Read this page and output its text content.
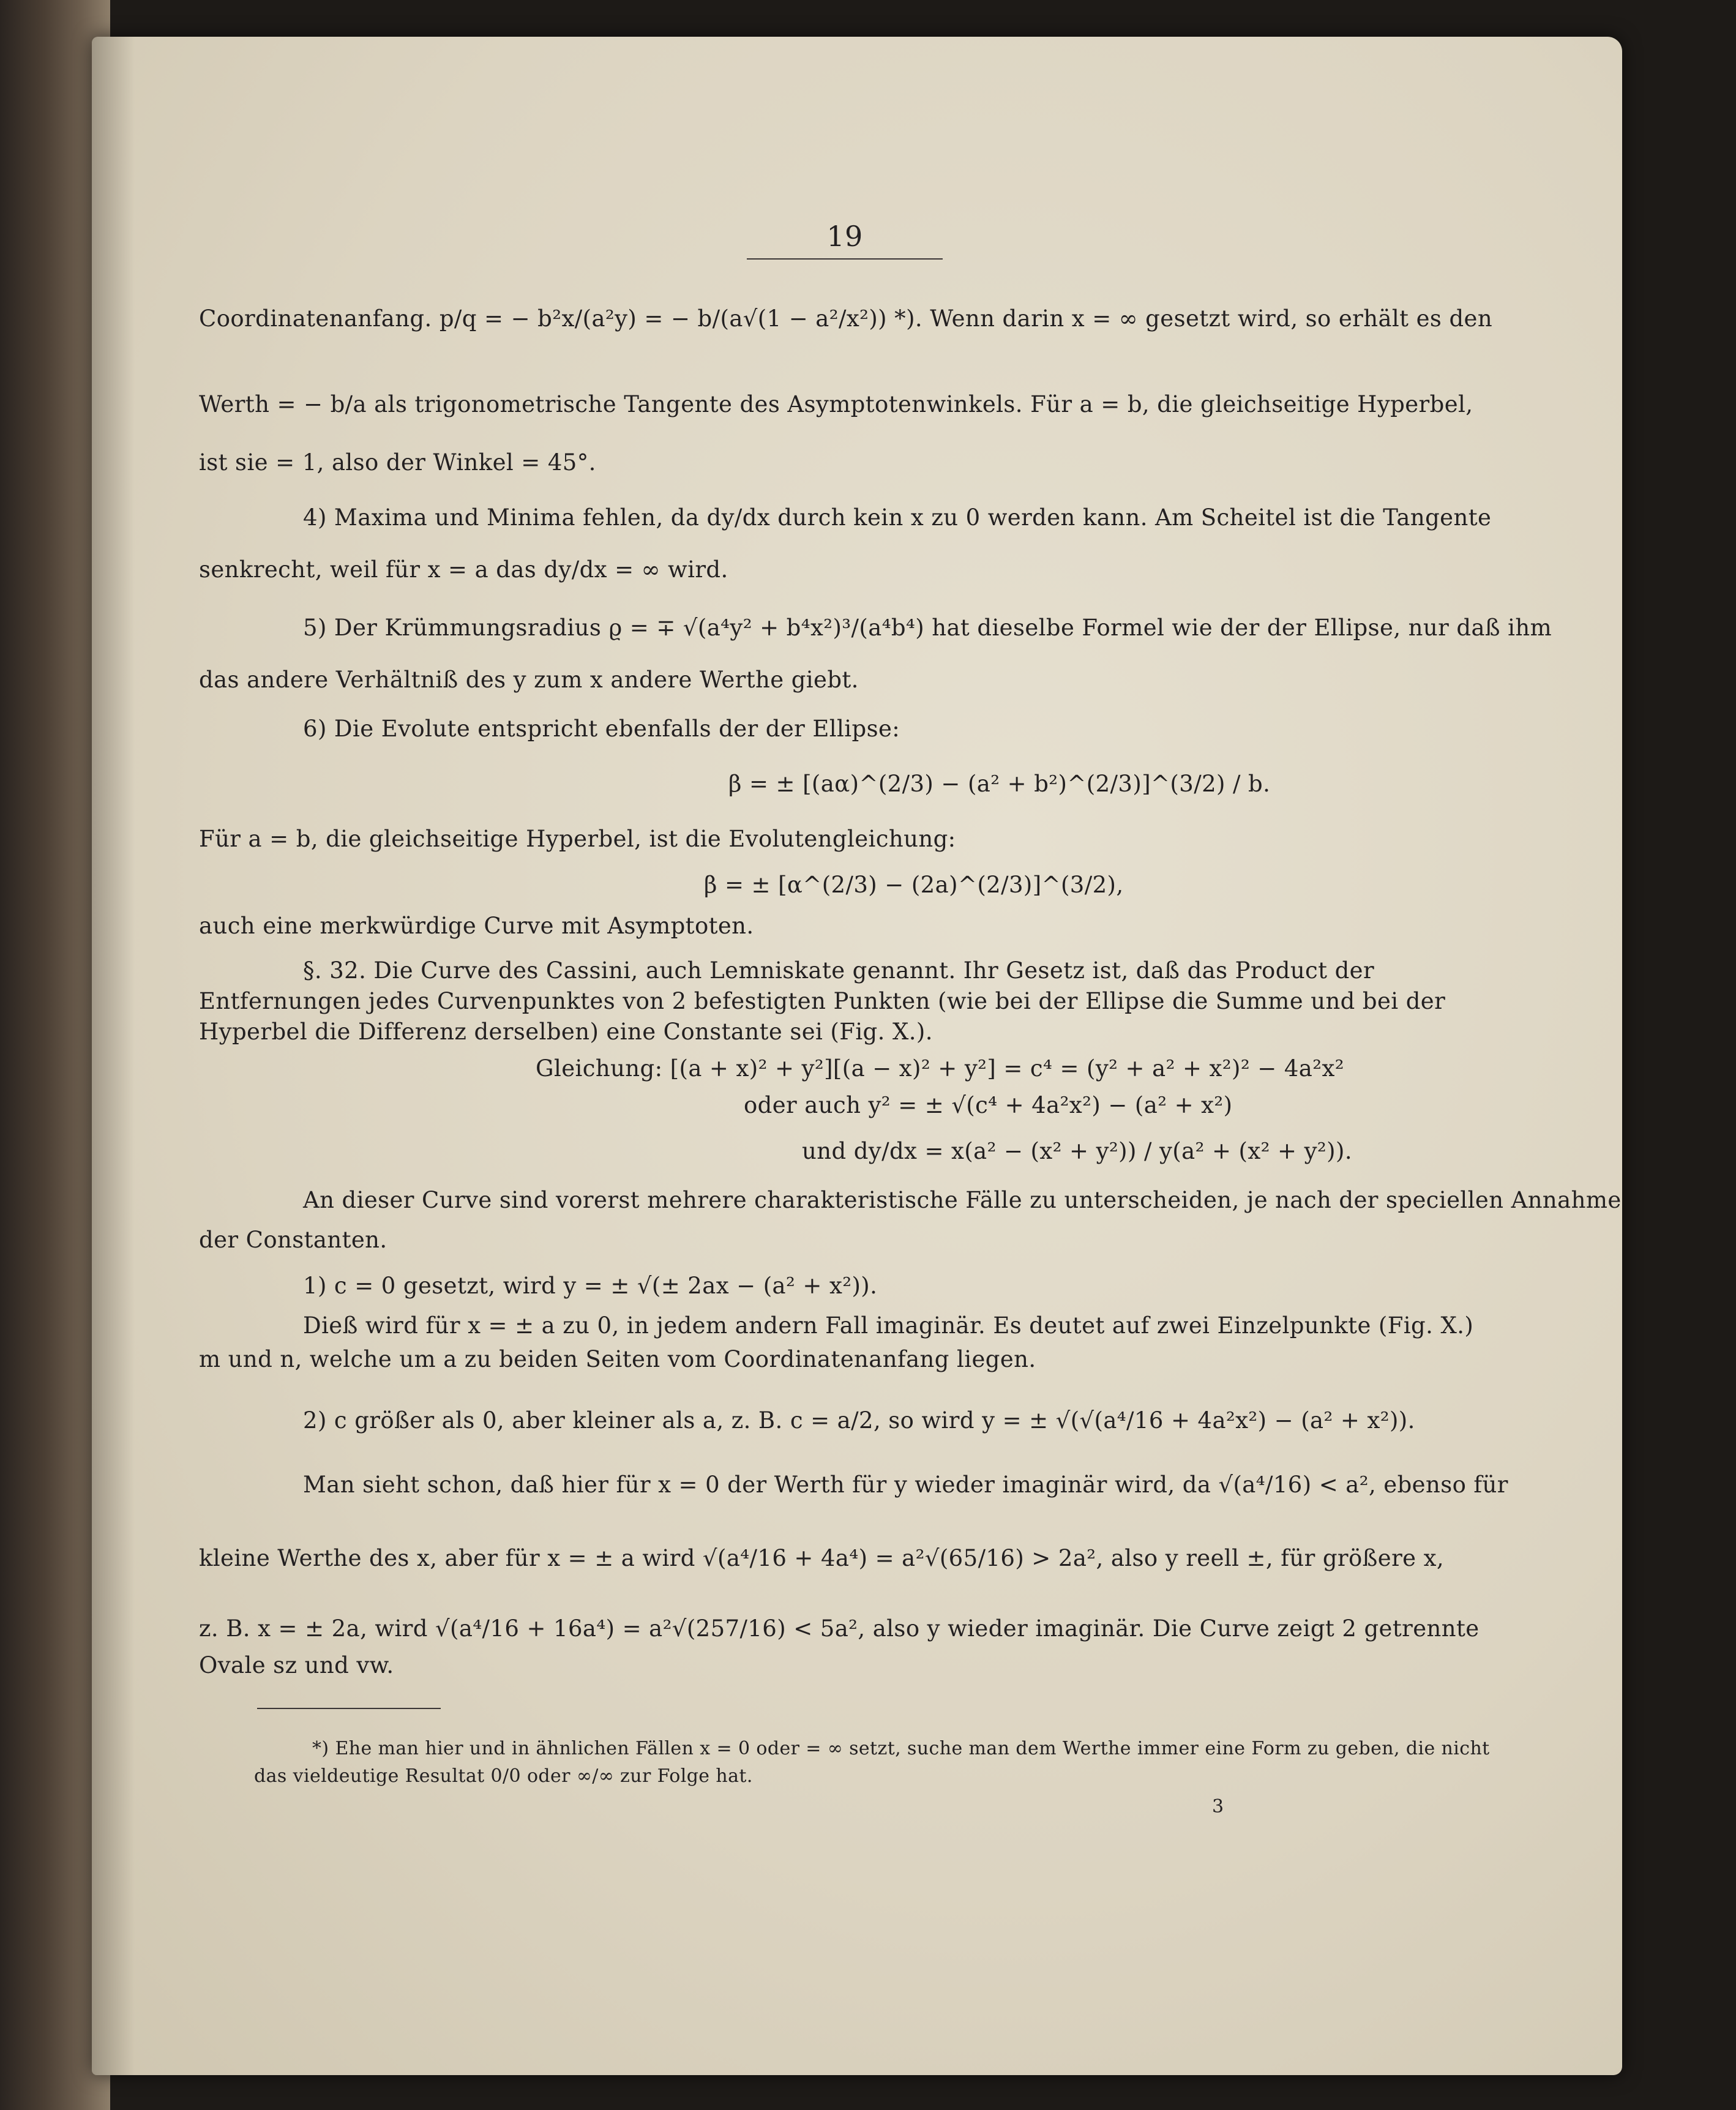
19
Coordinatenanfang. p/q = − b²x/(a²y) = − b/(a√(1 − a²/x²)) *). Wenn darin x = ∞ gesetzt wird, so erhält es den
Werth = − b/a als trigonometrische Tangente des Asymptotenwinkels. Für a = b, die gleichseitige Hyperbel,
ist sie = 1, also der Winkel = 45°.
4) Maxima und Minima fehlen, da dy/dx durch kein x zu 0 werden kann. Am Scheitel ist die Tangente
senkrecht, weil für x = a das dy/dx = ∞ wird.
5) Der Krümmungsradius ϱ = ∓ √(a⁴y² + b⁴x²)³/(a⁴b⁴) hat dieselbe Formel wie der der Ellipse, nur daß ihm
das andere Verhältniß des y zum x andere Werthe giebt.
6) Die Evolute entspricht ebenfalls der der Ellipse:
β = ± [(aα)^(2/3) − (a² + b²)^(2/3)]^(3/2) / b.
Für a = b, die gleichseitige Hyperbel, ist die Evolutengleichung:
β = ± [α^(2/3) − (2a)^(2/3)]^(3/2),
auch eine merkwürdige Curve mit Asymptoten.
§. 32. Die Curve des Cassini, auch Lemniskate genannt. Ihr Gesetz ist, daß das Product der
Entfernungen jedes Curvenpunktes von 2 befestigten Punkten (wie bei der Ellipse die Summe und bei der
Hyperbel die Differenz derselben) eine Constante sei (Fig. X.).
Gleichung: [(a + x)² + y²][(a − x)² + y²] = c⁴ = (y² + a² + x²)² − 4a²x²
oder auch y² = ± √(c⁴ + 4a²x²) − (a² + x²)
und dy/dx = x(a² − (x² + y²)) / y(a² + (x² + y²)).
An dieser Curve sind vorerst mehrere charakteristische Fälle zu unterscheiden, je nach der speciellen Annahme
der Constanten.
1) c = 0 gesetzt, wird y = ± √(± 2ax − (a² + x²)).
Dieß wird für x = ± a zu 0, in jedem andern Fall imaginär. Es deutet auf zwei Einzelpunkte (Fig. X.)
m und n, welche um a zu beiden Seiten vom Coordinatenanfang liegen.
2) c größer als 0, aber kleiner als a, z. B. c = a/2, so wird y = ± √(√(a⁴/16 + 4a²x²) − (a² + x²)).
Man sieht schon, daß hier für x = 0 der Werth für y wieder imaginär wird, da √(a⁴/16) < a², ebenso für
kleine Werthe des x, aber für x = ± a wird √(a⁴/16 + 4a⁴) = a²√(65/16) > 2a², also y reell ±, für größere x,
z. B. x = ± 2a, wird √(a⁴/16 + 16a⁴) = a²√(257/16) < 5a², also y wieder imaginär. Die Curve zeigt 2 getrennte
Ovale sz und vw.
*) Ehe man hier und in ähnlichen Fällen x = 0 oder = ∞ setzt, suche man dem Werthe immer eine Form zu geben, die nicht
das vieldeutige Resultat 0/0 oder ∞/∞ zur Folge hat.
3
